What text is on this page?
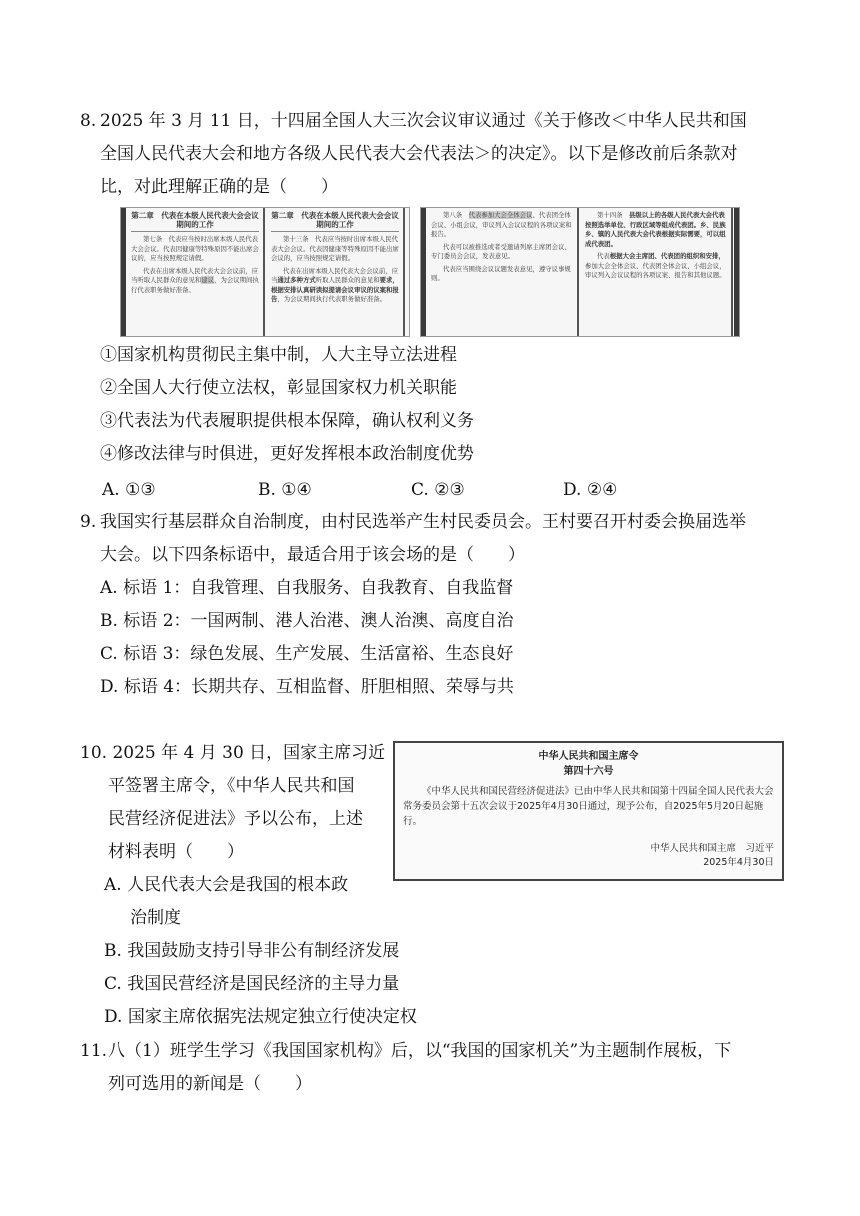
8. 2025 年 3 月 11 日，十四届全国人大三次会议审议通过《关于修改＜中华人民共和国
全国人民代表大会和地方各级人民代表大会代表法＞的决定》。以下是修改前后条款对
比，对此理解正确的是（　　）
第二章　代表在本级人民代表大会会议期间的工作

第七条　代表应当按时出席本级人民代表大会会议。代表因健康等特殊原因不能出席会议的，应当按照规定请假。

代表在出席本级人民代表大会会议前，应当听取人民群众的意见和建议，为会议期间执行代表职务做好准备。

第二章　代表在本级人民代表大会会议期间的工作

第十三条　代表应当按时出席本级人民代表大会会议。代表因健康等特殊原因不能出席会议的，应当按照规定请假。

代表在出席本级人民代表大会会议前，应当通过多种方式听取人民群众的意见和要求，根据安排认真研读拟提请会议审议的议案和报告，为会议期间执行代表职务做好准备。

第八条　代表参加大会全体会议、代表团全体会议、小组会议，审议列入会议议程的各项议案和报告。

代表可以被推选或者受邀请列席主席团会议、专门委员会会议，发表意见。

代表应当围绕会议议题发表意见，遵守议事规则。

第十四条　县级以上的各级人民代表大会代表按照选举单位、行政区域等组成代表团。乡、民族乡、镇的人民代表大会代表根据实际需要，可以组成代表团。

代表根据大会主席团、代表团的组织和安排，参加大会全体会议、代表团全体会议、小组会议，审议列入会议议程的各项议案、报告和其他议题。

①国家机构贯彻民主集中制，人大主导立法进程
②全国人大行使立法权，彰显国家权力机关职能
③代表法为代表履职提供根本保障，确认权利义务
④修改法律与时俱进，更好发挥根本政治制度优势
A. ①③	B. ①④	C. ②③	D. ②④
9. 我国实行基层群众自治制度，由村民选举产生村民委员会。王村要召开村委会换届选举
大会。以下四条标语中，最适合用于该会场的是（　　）
A. 标语 1：自我管理、自我服务、自我教育、自我监督
B. 标语 2：一国两制、港人治港、澳人治澳、高度自治
C. 标语 3：绿色发展、生产发展、生活富裕、生态良好
D. 标语 4：长期共存、互相监督、肝胆相照、荣辱与共
10. 2025 年 4 月 30 日，国家主席习近
平签署主席令，《中华人民共和国
民营经济促进法》予以公布，上述
材料表明（　　）
A. 人民代表大会是我国的根本政
治制度
B. 我国鼓励支持引导非公有制经济发展
C. 我国民营经济是国民经济的主导力量
D. 国家主席依据宪法规定独立行使决定权
中华人民共和国主席令
第四十六号
《中华人民共和国民营经济促进法》已由中华人民共和国第十四届全国人民代表大会常务委员会第十五次会议于2025年4月30日通过，现予公布，自2025年5月20日起施行。
中华人民共和国主席　习近平
2025年4月30日
11. 八（1）班学生学习《我国国家机构》后，以“我国的国家机关”为主题制作展板，下
列可选用的新闻是（　　）
